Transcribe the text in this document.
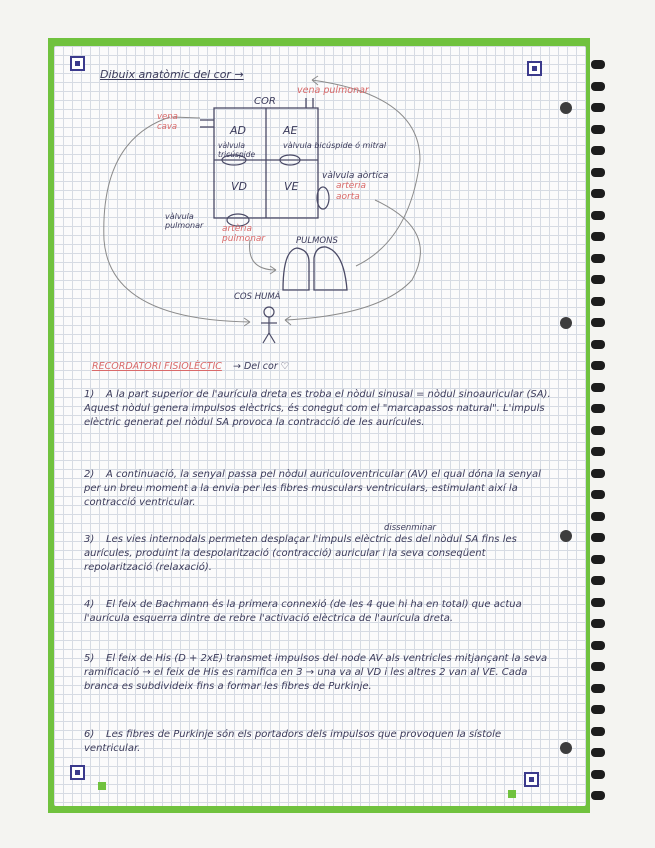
Dibuix anatòmic del cor →
COR
vena pulmonar
vena cava	AD	AE
VD	VE
vàlvula tricúspide
vàlvula bicúspide ó mitral
vàlvula aòrtica
artèria aorta
vàlvula pulmonar	artèria pulmonar	PULMONS
COS HUMÀ
RECORDATORI FISIOLÈCTIC → Del cor ♡
dissenminar
1) A la part superior de l'aurícula dreta es troba el nòdul sinusal = nòdul sinoauricular (SA). Aquest nòdul genera impulsos elèctrics, és conegut com el "marcapassos natural". L'impuls elèctric generat pel nòdul SA provoca la contracció de les aurícules.
2) A continuació, la senyal passa pel nòdul auriculoventricular (AV) el qual dóna la senyal per un breu moment a la envia per les fibres musculars ventriculars, estimulant així la contracció ventricular.
3) Les vies internodals permeten desplaçar l'impuls elèctric des del nòdul SA fins les aurícules, produint la despolarització (contracció) auricular i la seva conseqüent repolarització (relaxació).
4) El feix de Bachmann és la primera connexió (de les 4 que hi ha en total) que actua l'aurícula esquerra dintre de rebre l'activació elèctrica de l'aurícula dreta.
5) El feix de His (D + 2xE) transmet impulsos del node AV als ventricles mitjançant la seva ramificació → el feix de His es ramifica en 3 → una va al VD i les altres 2 van al VE. Cada branca es subdivideix fins a formar les fibres de Purkinje.
6) Les fibres de Purkinje són els portadors dels impulsos que provoquen la sístole ventricular.
